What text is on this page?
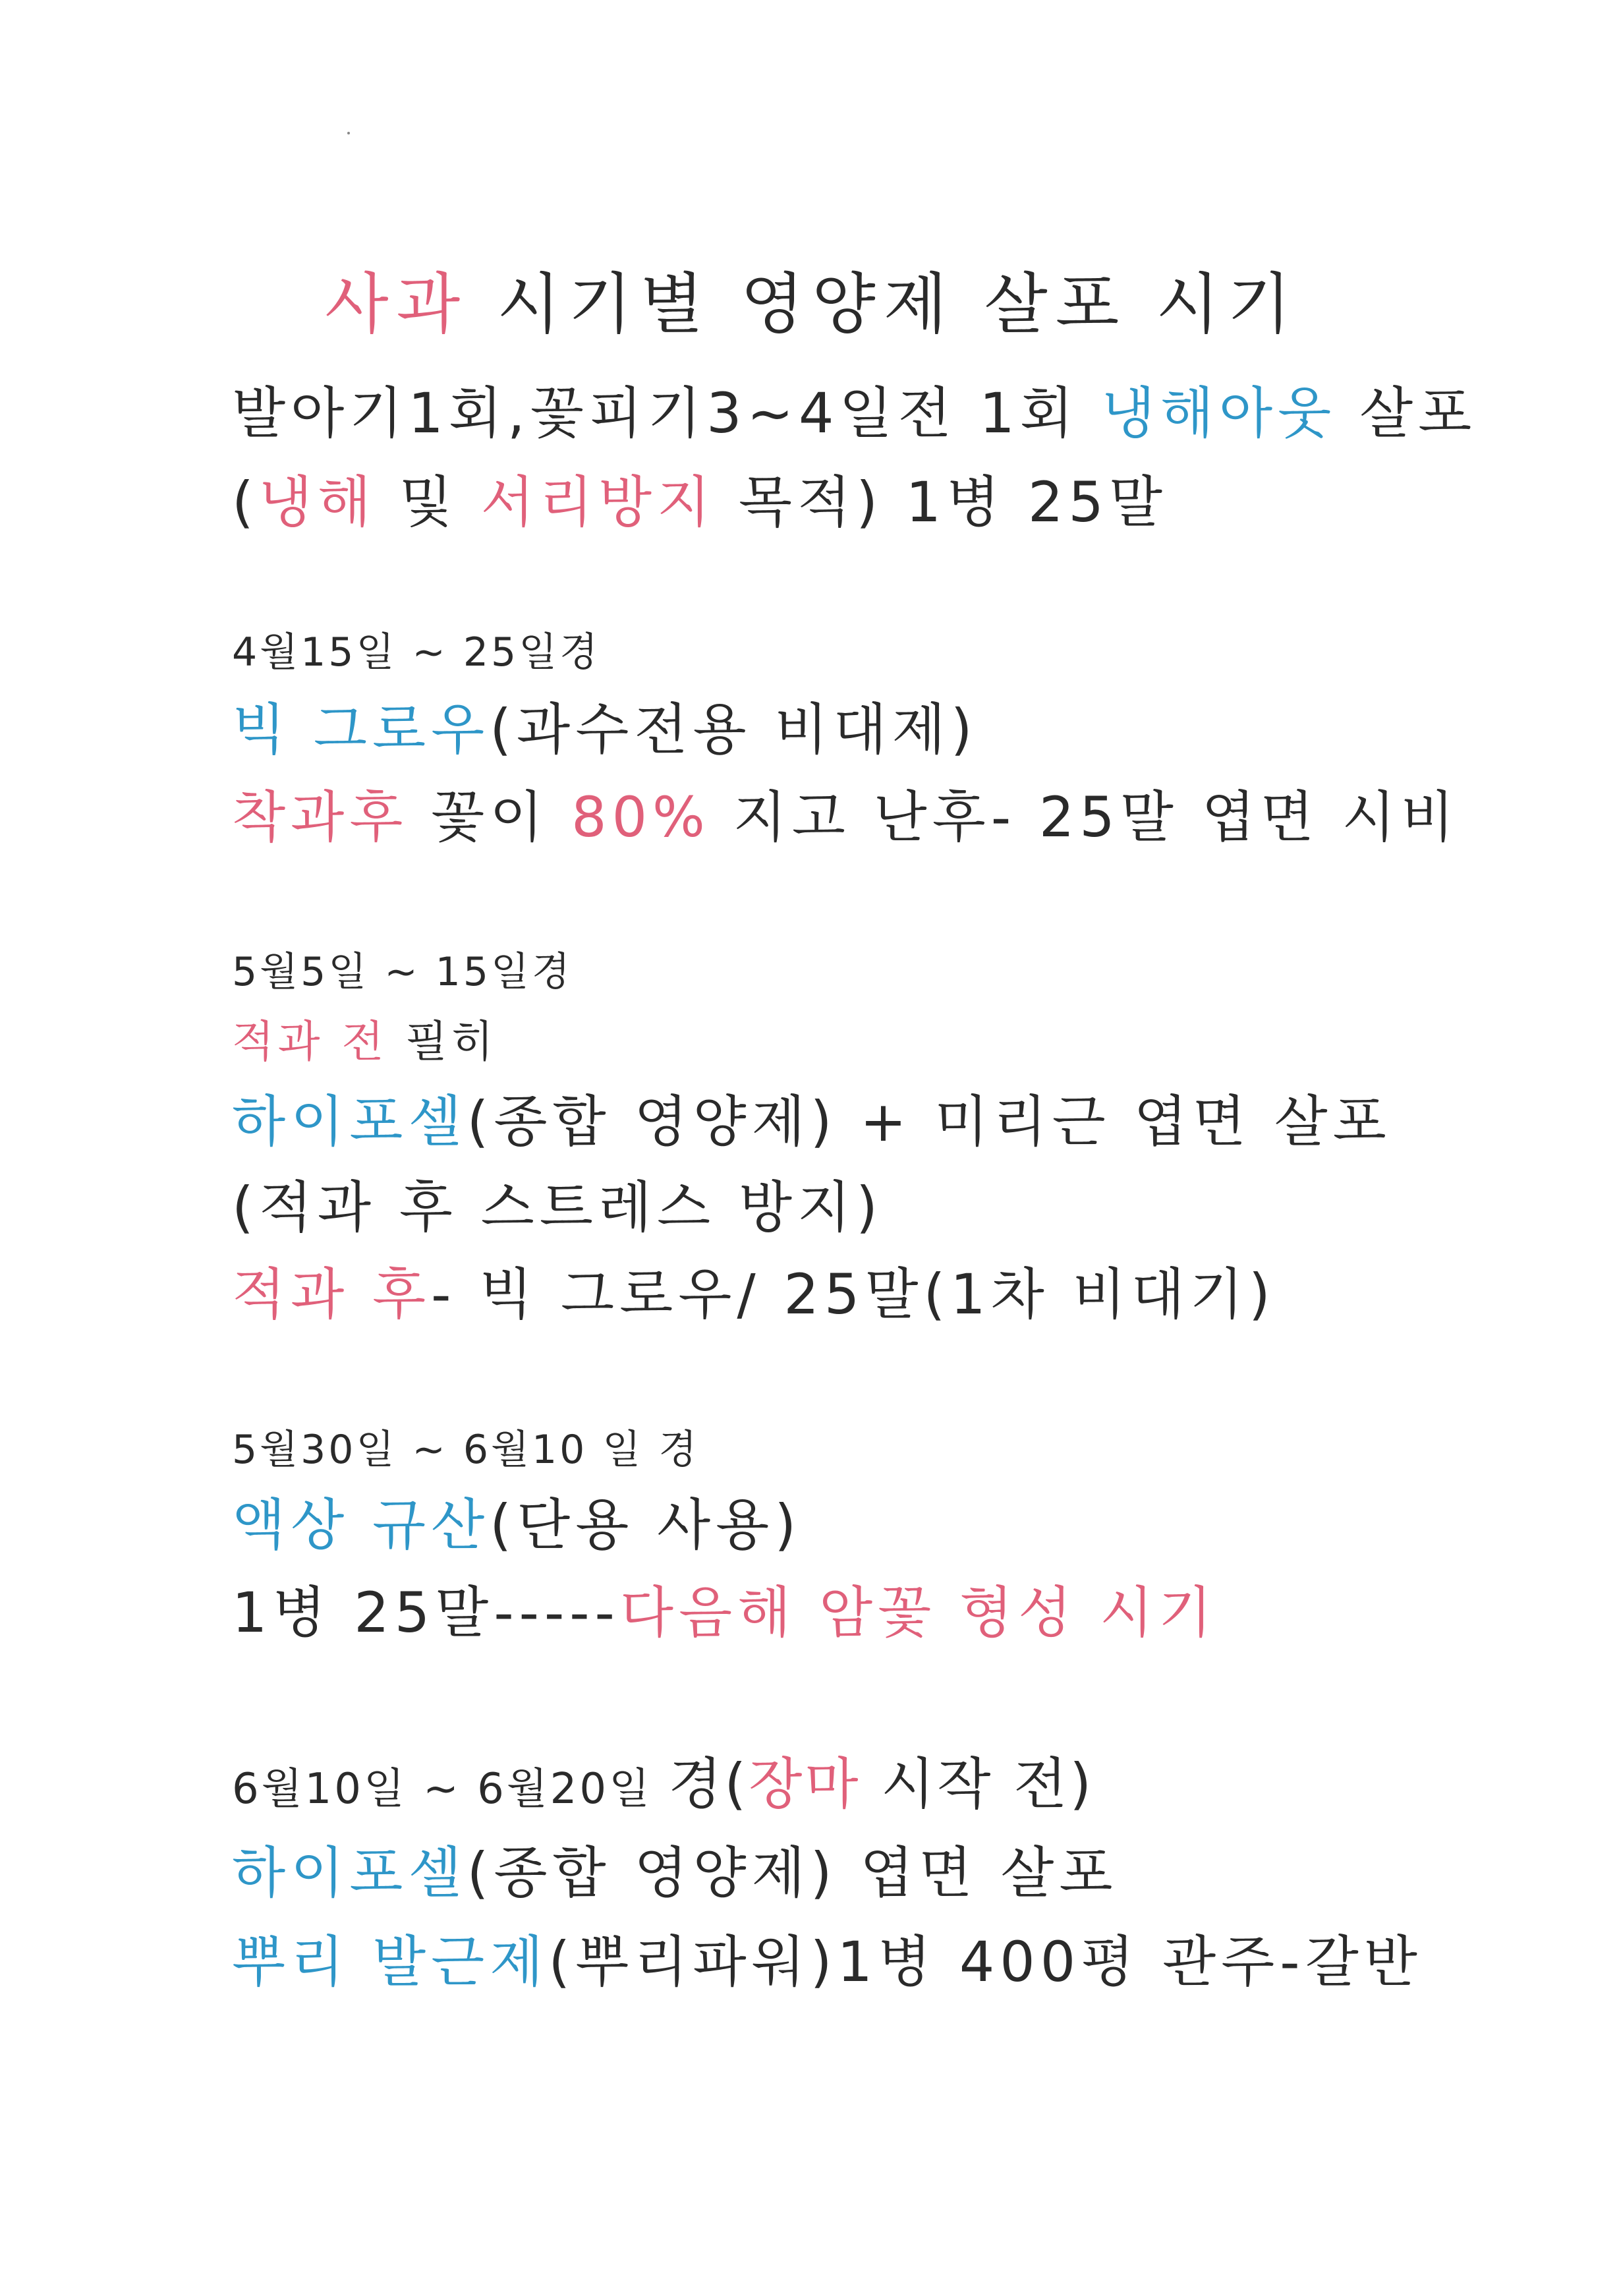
사과 시기별 영양제 살포 시기
발아기1회,꽃피기3~4일전 1회 냉해아웃 살포
(냉해 및 서리방지 목적) 1병 25말
4월15일 ~ 25일경
빅 그로우(과수전용 비대제)
착과후 꽃이 80% 지고 난후- 25말 엽면 시비
5월5일 ~ 15일경
적과 전 필히
하이포셀(종합 영양제) + 미리근 엽면 살포
(적과 후 스트레스 방지)
적과 후- 빅 그로우/ 25말(1차 비대기)
5월30일 ~ 6월10 일 경
액상 규산(단용 사용)
1병 25말-----다음해 암꽃 형성 시기
6월10일 ~ 6월20일 경(장마 시작 전)
하이포셀(종합 영양제) 엽면 살포
뿌리 발근제(뿌리파워)1병 400평 관주-갈반
